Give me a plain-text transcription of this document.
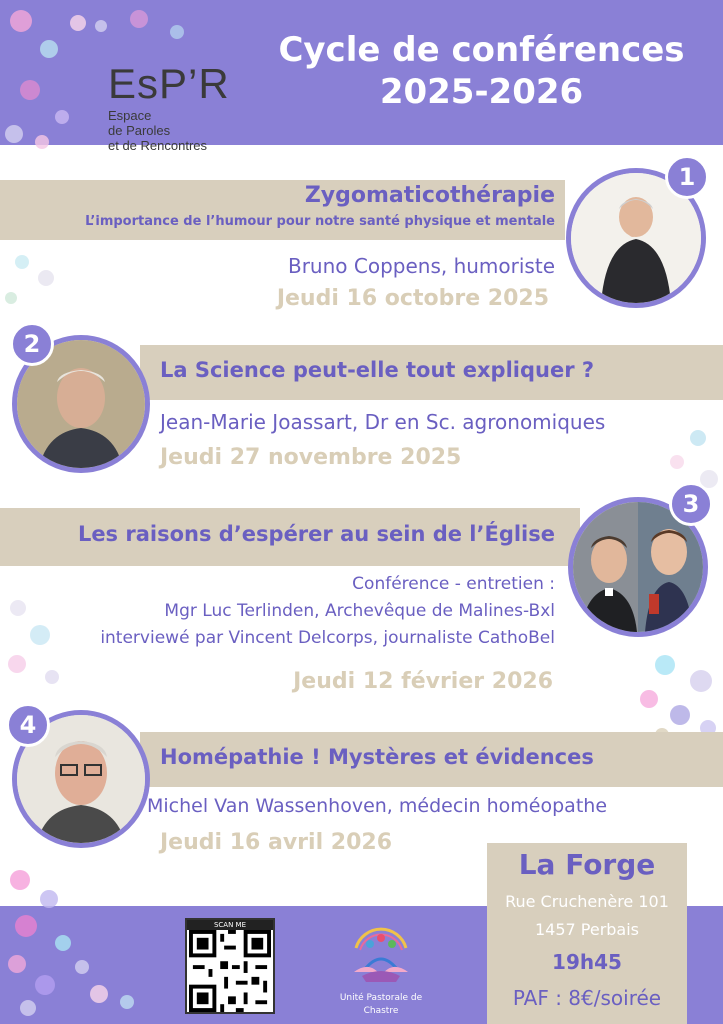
EsP’R
Espace
de Paroles
et de Rencontres
Cycle de conférences
2025-2026
Zygomaticothérapie
L’importance de l’humour pour notre santé physique et mentale
Bruno Coppens, humoriste
Jeudi 16 octobre 2025
1
La Science peut-elle tout expliquer ?
Jean-Marie Joassart, Dr en Sc. agronomiques
Jeudi 27 novembre 2025
2
Les raisons d’espérer au sein de l’Église
Conférence - entretien :
Mgr Luc Terlinden, Archevêque de Malines-Bxl
interviewé par Vincent Delcorps, journaliste CathoBel
Jeudi 12 février 2026
3
Homépathie ! Mystères et évidences
Michel Van Wassenhoven, médecin homéopathe
Jeudi 16 avril 2026
4
La Forge
Rue Cruchenère 101
1457 Perbais
19h45
PAF : 8€/soirée
SCAN ME
Unité Pastorale de
Chastre
